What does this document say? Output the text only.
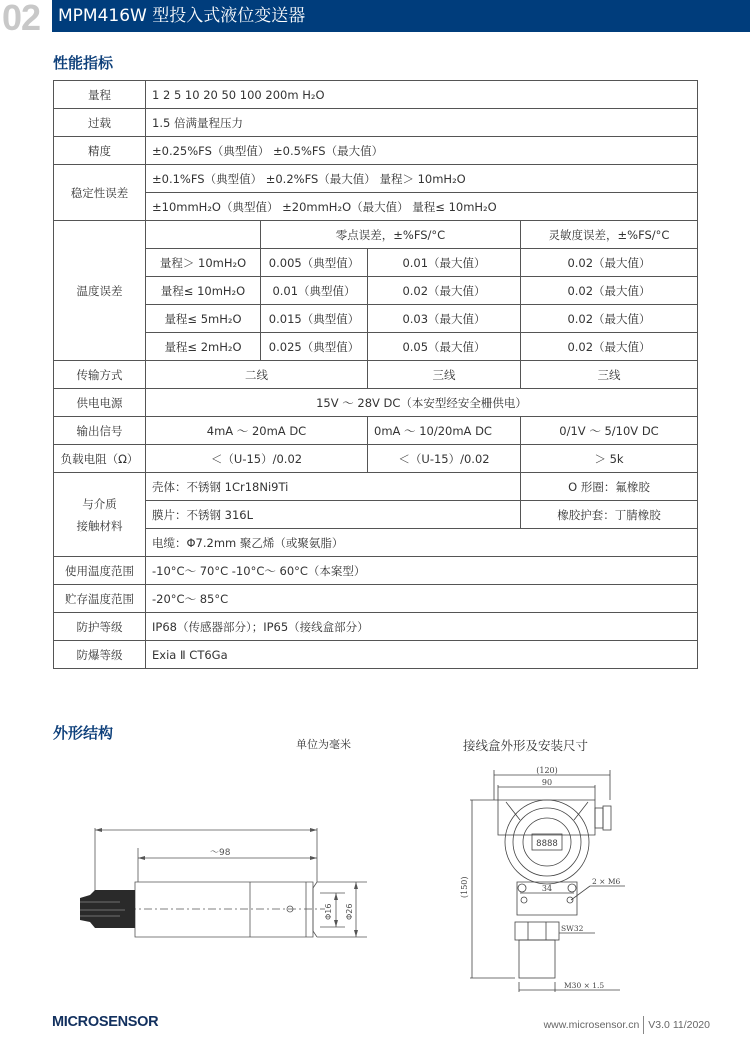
02	MPM416W 型投入式液位变送器
性能指标
量程	1 2 5 10 20 50 100 200m H₂O			
过载	1.5 倍满量程压力			
精度	±0.25%FS（典型值） ±0.5%FS（最大值）			
稳定性误差	±0.1%FS（典型值） ±0.2%FS（最大值） 量程＞ 10mH₂O			
	±10mmH₂O（典型值） ±20mmH₂O（最大值） 量程≤ 10mH₂O			
温度误差		零点误差，±%FS/°C		灵敏度误差，±%FS/°C
	量程＞ 10mH₂O	0.005（典型值）	0.01（最大值）	0.02（最大值）
	量程≤ 10mH₂O	0.01（典型值）	0.02（最大值）	0.02（最大值）
	量程≤ 5mH₂O	0.015（典型值）	0.03（最大值）	0.02（最大值）
	量程≤ 2mH₂O	0.025（典型值）	0.05（最大值）	0.02（最大值）
传输方式	二线		三线	三线
供电电源	15V ～ 28V DC（本安型经安全栅供电）			
输出信号	4mA ～ 20mA DC		0mA ～ 10/20mA DC	0/1V ～ 5/10V DC
负载电阻（Ω）	＜（U-15）/0.02		＜（U-15）/0.02	＞ 5k
与介质
接触材料	壳体：不锈钢 1Cr18Ni9Ti			O 形圈：氟橡胶
	膜片：不锈钢 316L			橡胶护套：丁腈橡胶
	电缆：Φ7.2mm 聚乙烯（或聚氨脂）			
使用温度范围	-10°C～ 70°C -10°C～ 60°C（本案型）			
贮存温度范围	-20°C～ 85°C			
防护等级	IP68（传感器部分）；IP65（接线盒部分）			
防爆等级	Exia Ⅱ CT6Ga			
外形结构
单位为毫米	接线盒外形及安装尺寸
～98
Φ16 Φ26
(120)
90
(150)	34
2 × M6
SW32
M30 × 1.5
8888
MICROSENSOR	www.microsensor.cn V3.0 11/2020
